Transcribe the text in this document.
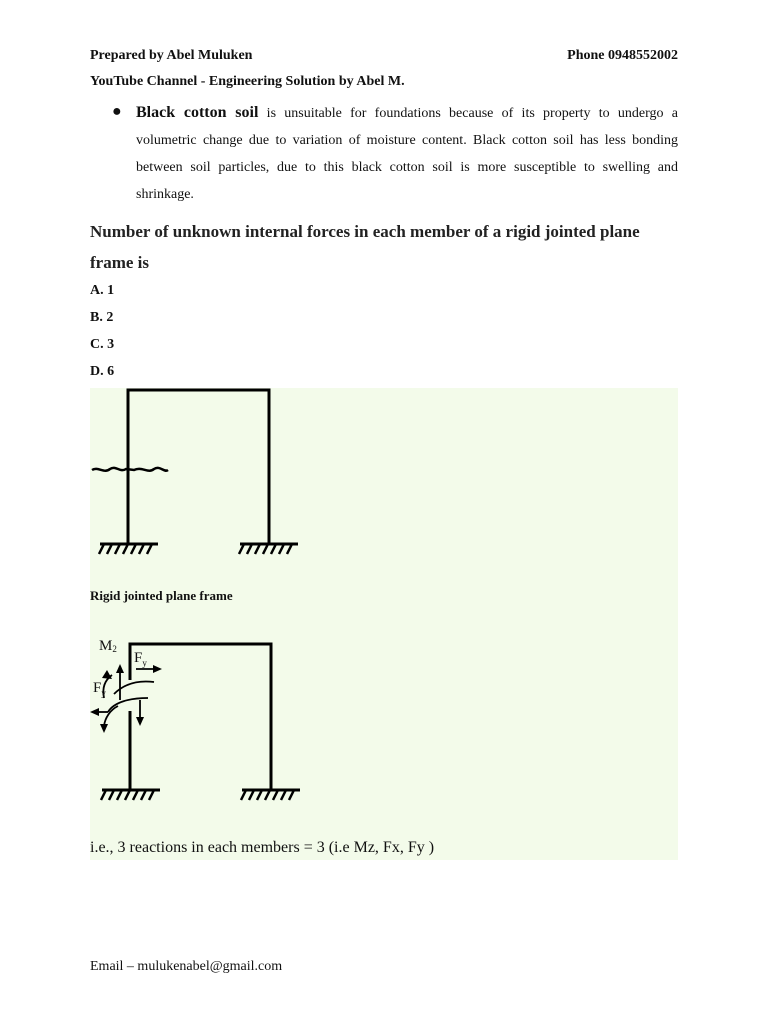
Prepared by Abel Muluken	Phone 0948552002
YouTube Channel - Engineering Solution by Abel M.
● Black cotton soil is unsuitable for foundations because of its property to undergo a volumetric change due to variation of moisture content. Black cotton soil has less bonding between soil particles, due to this black cotton soil is more susceptible to swelling and shrinkage.
Number of unknown internal forces in each member of a rigid jointed plane frame is
A. 1
B. 2
C. 3
D. 6
M2
$F_y$
$F_y$
Rigid jointed plane frame
i.e., 3 reactions in each members = 3 (i.e Mz, Fx, Fy )
Email – mulukenabel@gmail.com
